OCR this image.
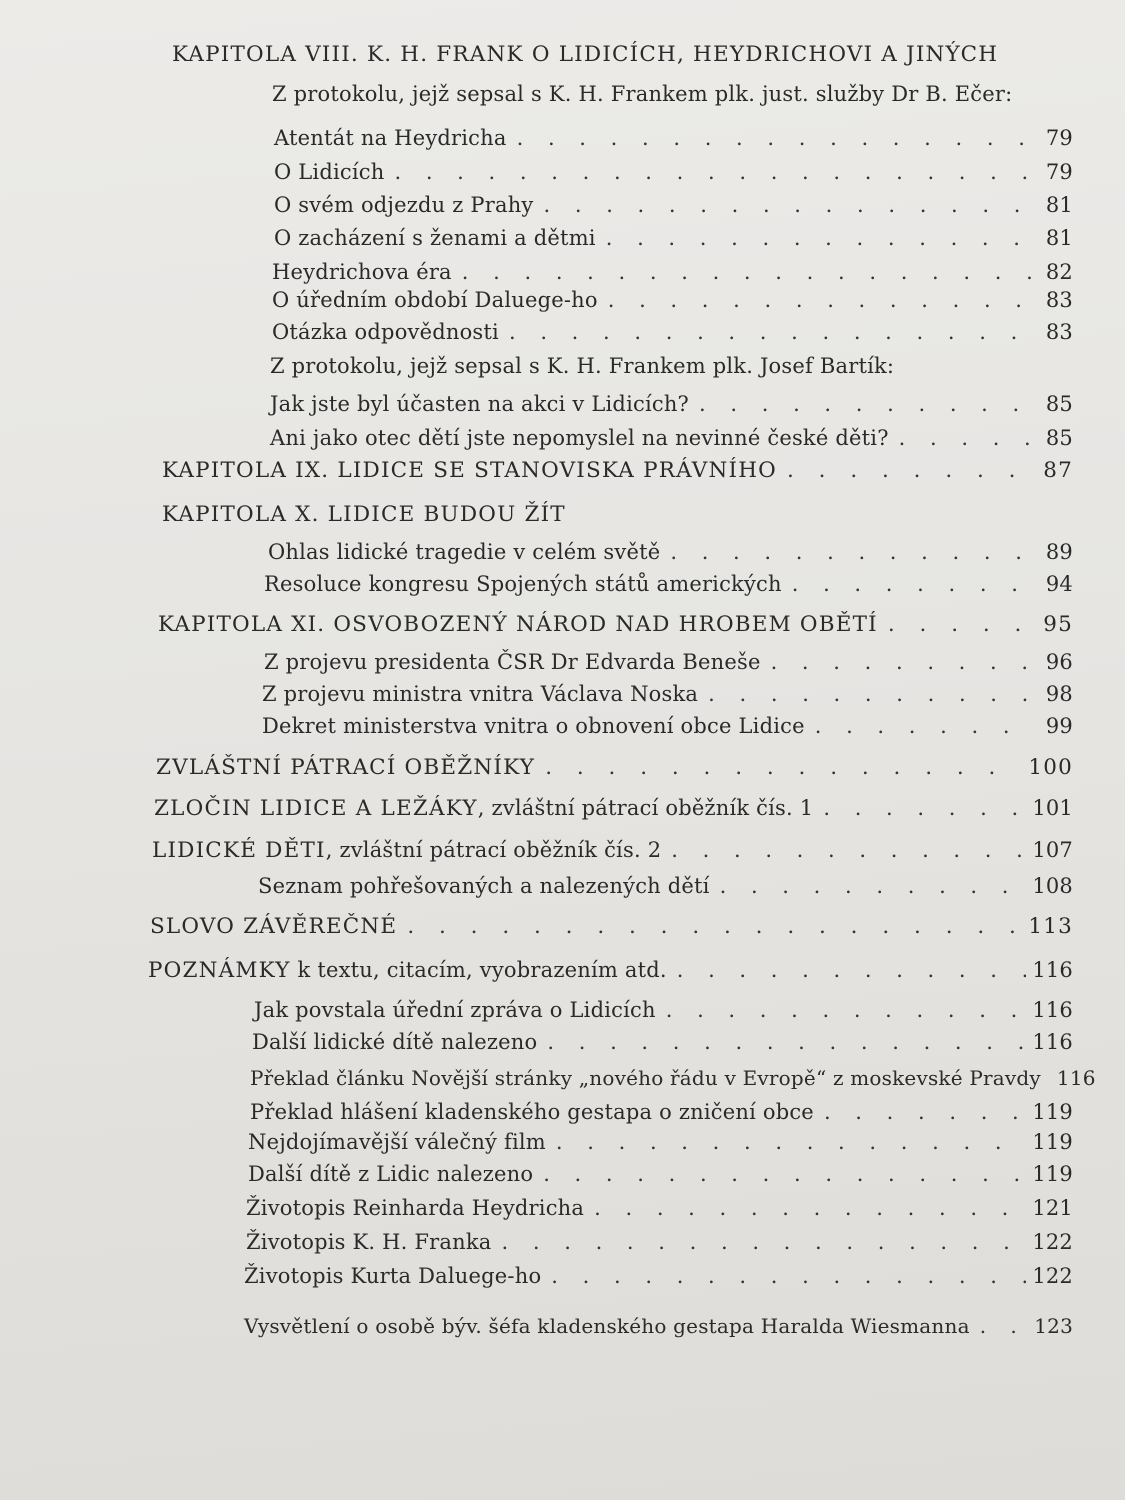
KAPITOLA VIII. K. H. FRANK O LIDICÍCH, HEYDRICHOVI A JINÝCH
Z protokolu, jejž sepsal s K. H. Frankem plk. just. služby Dr B. Ečer:
Atentát na Heydricha . . .	79
O Lidicích . . .	79
O svém odjezdu z Prahy . . .	81
O zacházení s ženami a dětmi . . .	81
Heydrichova éra . . .	82
O úředním období Daluege-ho . . .	83
Otázka odpovědnosti . . .	83
Z protokolu, jejž sepsal s K. H. Frankem plk. Josef Bartík:
Jak jste byl účasten na akci v Lidicích? . . .	85
Ani jako otec dětí jste nepomyslel na nevinné české děti? . . .	85
KAPITOLA IX. LIDICE SE STANOVISKA PRÁVNÍHO . . .	87
KAPITOLA X. LIDICE BUDOU ŽÍT
Ohlas lidické tragedie v celém světě . . .	89
Resoluce kongresu Spojených států amerických . . .	94
KAPITOLA XI. OSVOBOZENÝ NÁROD NAD HROBEM OBĚTÍ . . .	95
Z projevu presidenta ČSR Dr Edvarda Beneše . . .	96
Z projevu ministra vnitra Václava Noska . . .	98
Dekret ministerstva vnitra o obnovení obce Lidice . . .	99
ZVLÁŠTNÍ PÁTRACÍ OBĚŽNÍKY . . .	100
ZLOČIN LIDICE A LEŽÁKY, zvláštní pátrací oběžník čís. 1 . . .	101
LIDICKÉ DĚTI, zvláštní pátrací oběžník čís. 2 . . .	107
Seznam pohřešovaných a nalezených dětí . . .	108
SLOVO ZÁVĚREČNÉ . . .	113
POZNÁMKY k textu, citacím, vyobrazením atd. . . .	116
Jak povstala úřední zpráva o Lidicích . . .	116
Další lidické dítě nalezeno . . .	116
Překlad článku Novější stránky „nového řádu v Evropě“ z moskevské Pravdy 116
Překlad hlášení kladenského gestapa o zničení obce . . .	119
Nejdojímavější válečný film . . .	119
Další dítě z Lidic nalezeno . . .	119
Životopis Reinharda Heydricha . . .	121
Životopis K. H. Franka . . .	122
Životopis Kurta Daluege-ho . . .	122
Vysvětlení o osobě býv. šéfa kladenského gestapa Haralda Wiesmanna . . .	123
